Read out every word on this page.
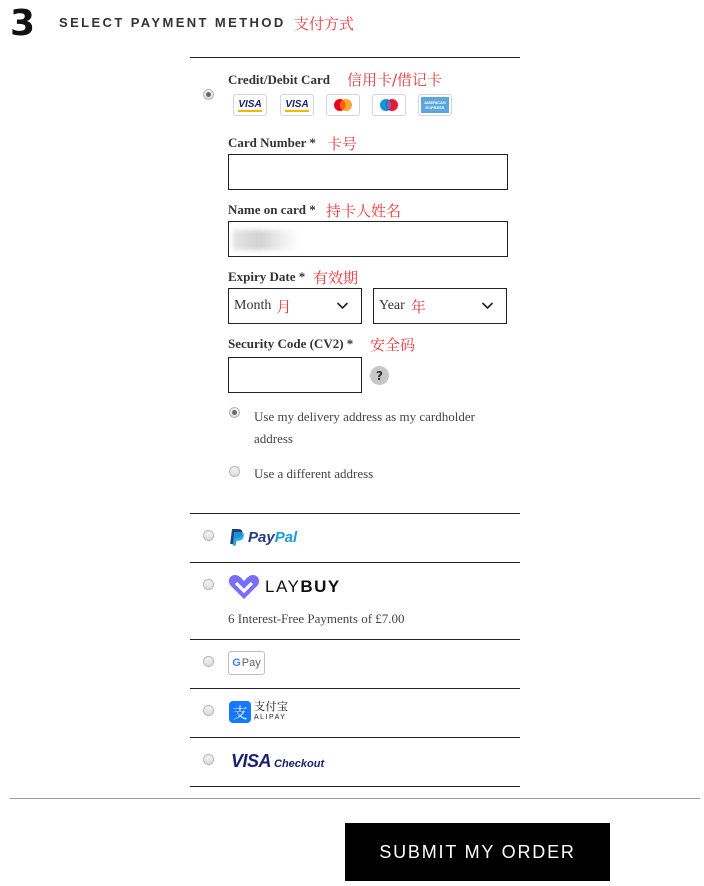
3 SELECT PAYMENT METHOD 支付方式
Credit/Debit Card 信用卡/借记卡
VISA VISA	AMERICAN EXPRESS
Card Number * 卡号
Name on card * 持卡人姓名
Expiry Date * 有效期
Month 月	Year 年
Security Code (CV2) * 安全码
?
Use my delivery address as my cardholder
address
Use a different address
Pay Pal
LAY BUY
6 Interest-Free Payments of £7.00
G Pay
支 支付宝
ALIPAY
VISA Checkout
SUBMIT MY ORDER
